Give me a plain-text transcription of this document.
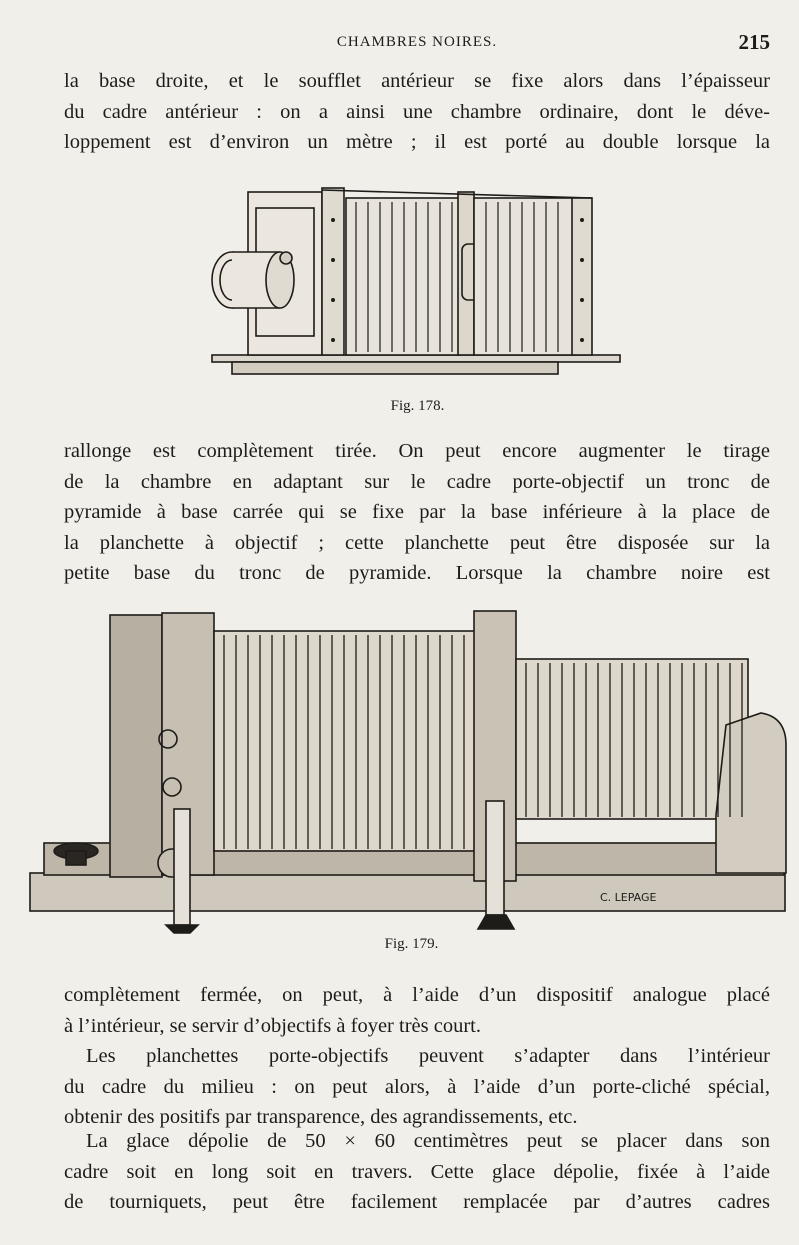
CHAMBRES NOIRES.	215
la base droite, et le soufflet antérieur se fixe alors dans l’épaisseur
du cadre antérieur : on a ainsi une chambre ordinaire, dont le déve-
loppement est d’environ un mètre ; il est porté au double lorsque la
Fig. 178.
rallonge est complètement tirée. On peut encore augmenter le tirage
de la chambre en adaptant sur le cadre porte-objectif un tronc de
pyramide à base carrée qui se fixe par la base inférieure à la place de
la planchette à objectif ; cette planchette peut être disposée sur la
petite base du tronc de pyramide. Lorsque la chambre noire est
C. LEPAGE
Fig. 179.
complètement fermée, on peut, à l’aide d’un dispositif analogue placé
à l’intérieur, se servir d’objectifs à foyer très court.
Les planchettes porte-objectifs peuvent s’adapter dans l’intérieur
du cadre du milieu : on peut alors, à l’aide d’un porte-cliché spécial,
obtenir des positifs par transparence, des agrandissements, etc.
La glace dépolie de 50 × 60 centimètres peut se placer dans son
cadre soit en long soit en travers. Cette glace dépolie, fixée à l’aide
de tourniquets, peut être facilement remplacée par d’autres cadres
